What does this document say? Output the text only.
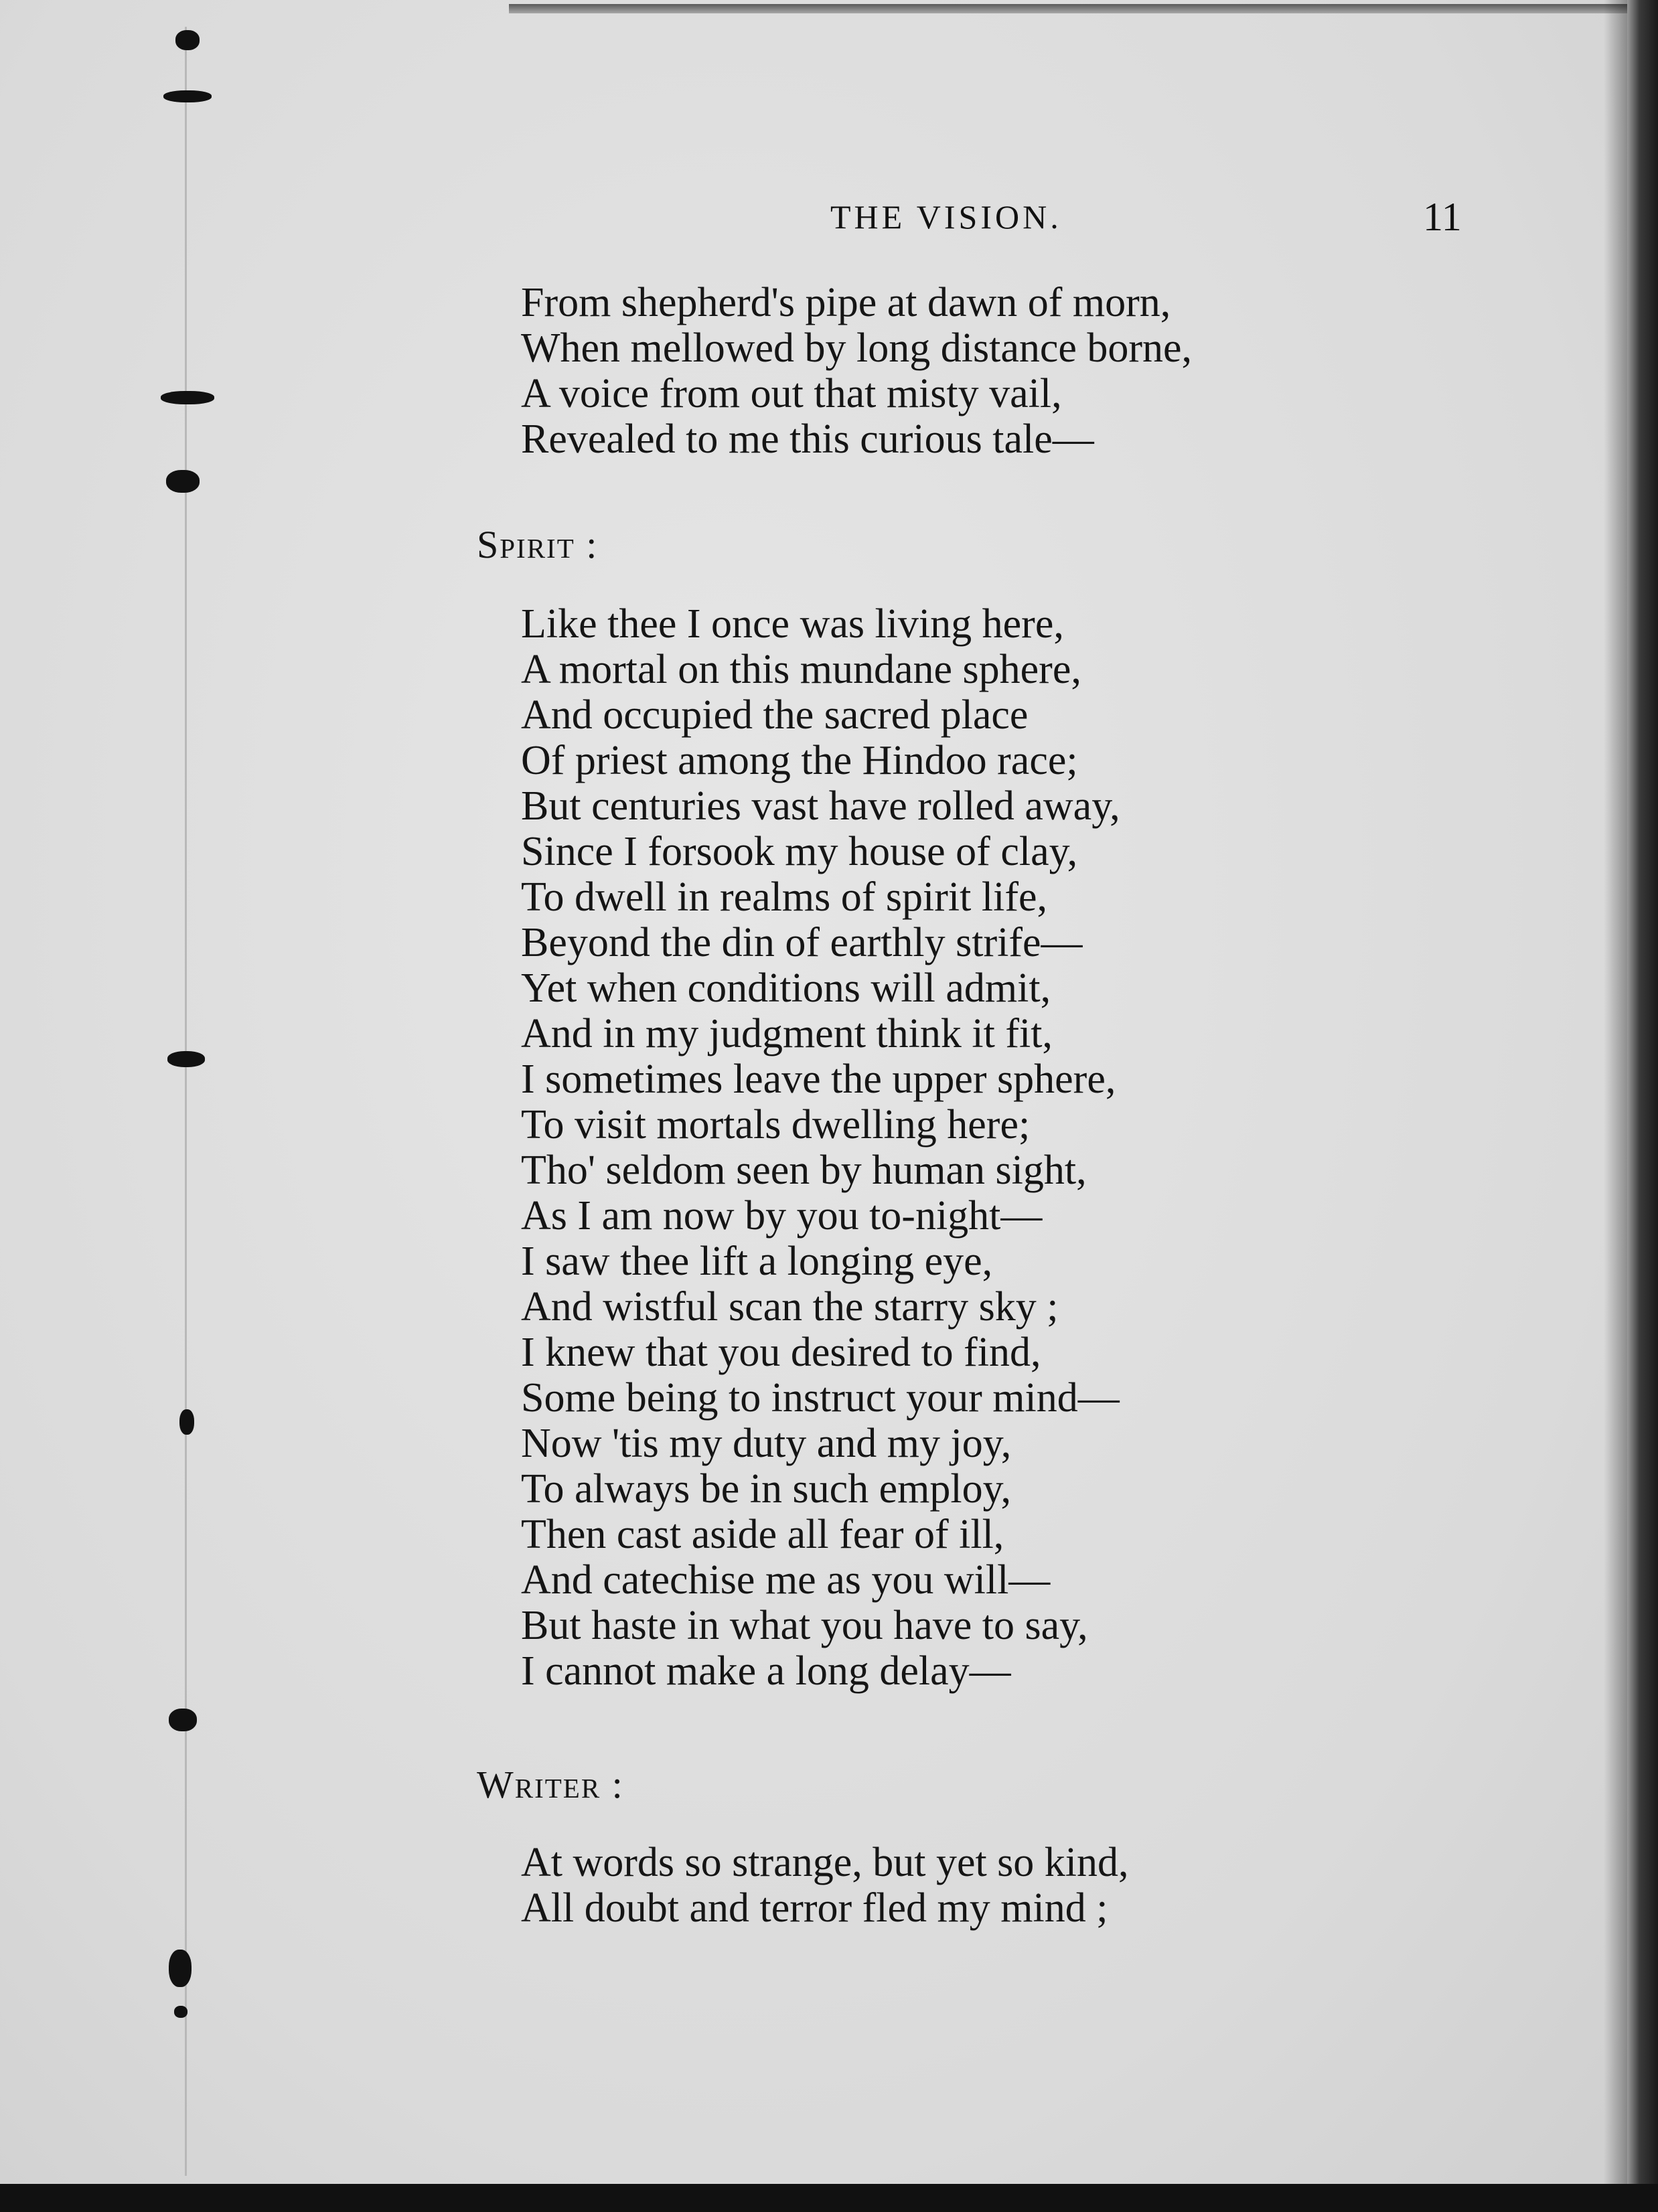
THE VISION.	11
From shepherd's pipe at dawn of morn,
When mellowed by long distance borne,
A voice from out that misty vail,
Revealed to me this curious tale—
Spirit :
Like thee I once was living here,
A mortal on this mundane sphere,
And occupied the sacred place
Of priest among the Hindoo race;
But centuries vast have rolled away,
Since I forsook my house of clay,
To dwell in realms of spirit life,
Beyond the din of earthly strife—
Yet when conditions will admit,
And in my judgment think it fit,
I sometimes leave the upper sphere,
To visit mortals dwelling here;
Tho' seldom seen by human sight,
As I am now by you to-night—
I saw thee lift a longing eye,
And wistful scan the starry sky ;
I knew that you desired to find,
Some being to instruct your mind—
Now 'tis my duty and my joy,
To always be in such employ,
Then cast aside all fear of ill,
And catechise me as you will—
But haste in what you have to say,
I cannot make a long delay—
Writer :
At words so strange, but yet so kind,
All doubt and terror fled my mind ;
